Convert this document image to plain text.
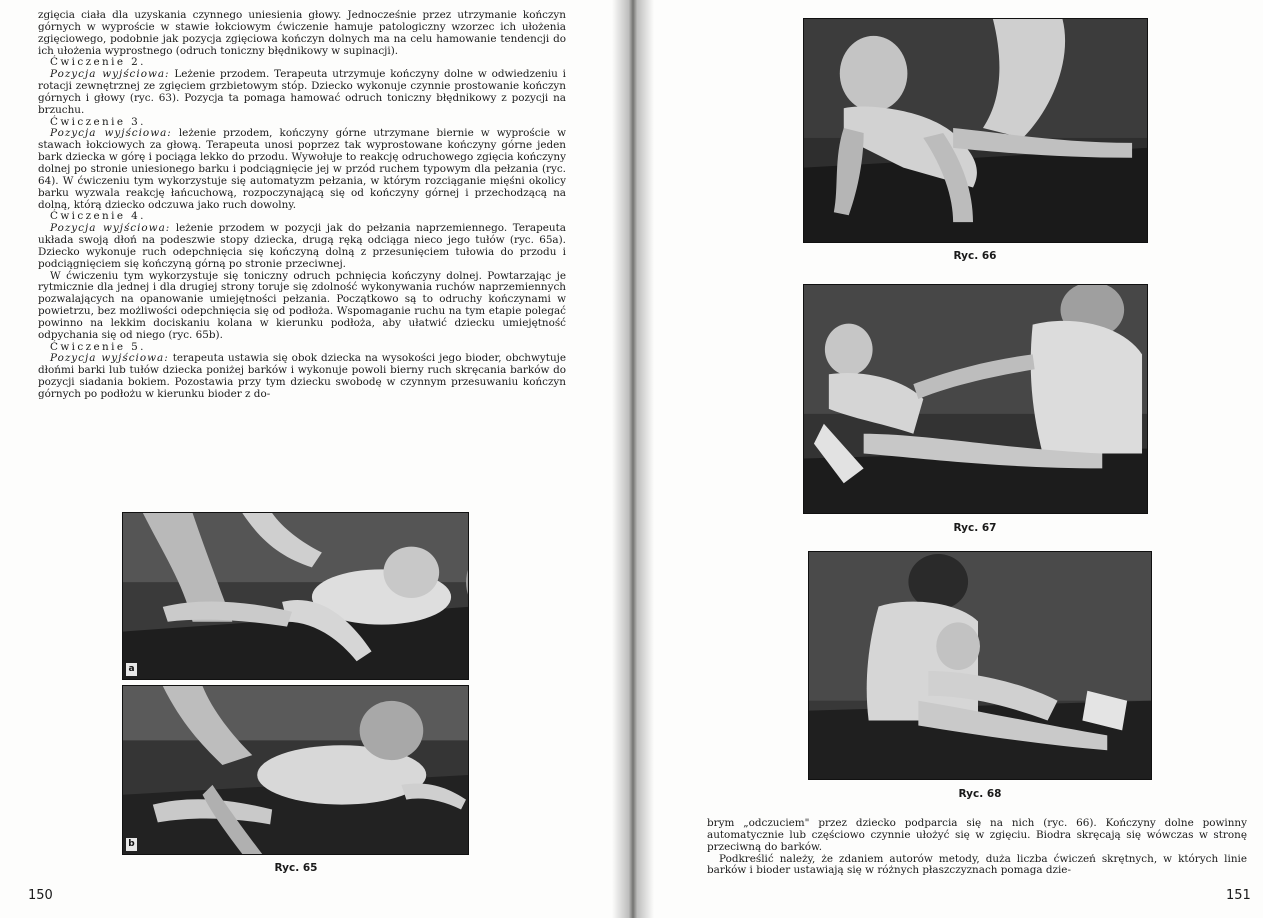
zgięcia ciała dla uzyskania czynnego uniesienia głowy. Jednocześnie przez utrzymanie kończyn górnych w wyproście w stawie łokciowym ćwiczenie hamuje patologiczny wzorzec ich ułożenia zgięciowego, podobnie jak pozycja zgięciowa kończyn dolnych ma na celu hamowanie tendencji do ich ułożenia wyprostnego (odruch toniczny błędnikowy w supinacji).

Ćwiczenie 2.

Pozycja wyjściowa: Leżenie przodem. Terapeuta utrzymuje kończyny dolne w odwiedzeniu i rotacji zewnętrznej ze zgięciem grzbietowym stóp. Dziecko wykonuje czynnie prostowanie kończyn górnych i głowy (ryc. 63). Pozycja ta pomaga hamować odruch toniczny błędnikowy z pozycji na brzuchu.

Ćwiczenie 3.

Pozycja wyjściowa: leżenie przodem, kończyny górne utrzymane biernie w wyproście w stawach łokciowych za głową. Terapeuta unosi poprzez tak wyprostowane kończyny górne jeden bark dziecka w górę i pociąga lekko do przodu. Wywołuje to reakcję odruchowego zgięcia kończyny dolnej po stronie uniesionego barku i podciągnięcie jej w przód ruchem typowym dla pełzania (ryc. 64). W ćwiczeniu tym wykorzystuje się automatyzm pełzania, w którym rozciąganie mięśni okolicy barku wyzwala reakcję łańcuchową, rozpoczynającą się od kończyny górnej i przechodzącą na dolną, którą dziecko odczuwa jako ruch dowolny.

Ćwiczenie 4.

Pozycja wyjściowa: leżenie przodem w pozycji jak do pełzania naprzemiennego. Terapeuta układa swoją dłoń na podeszwie stopy dziecka, drugą ręką odciąga nieco jego tułów (ryc. 65a). Dziecko wykonuje ruch odepchnięcia się kończyną dolną z przesunięciem tułowia do przodu i podciągnięciem się kończyną górną po stronie przeciwnej.

W ćwiczeniu tym wykorzystuje się toniczny odruch pchnięcia kończyny dolnej. Powtarzając je rytmicznie dla jednej i dla drugiej strony toruje się zdolność wykonywania ruchów naprzemiennych pozwalających na opanowanie umiejętności pełzania. Początkowo są to odruchy kończynami w powietrzu, bez możliwości odepchnięcia się od podłoża. Wspomaganie ruchu na tym etapie polegać powinno na lekkim dociskaniu kolana w kierunku podłoża, aby ułatwić dziecku umiejętność odpychania się od niego (ryc. 65b).

Ćwiczenie 5.

Pozycja wyjściowa: terapeuta ustawia się obok dziecka na wysokości jego bioder, obchwytuje dłońmi barki lub tułów dziecka poniżej barków i wykonuje powoli bierny ruch skręcania barków do pozycji siadania bokiem. Pozostawia przy tym dziecku swobodę w czynnym przesuwaniu kończyn górnych po podłożu w kierunku bioder z do-

a
b
Ryc. 65
150
Ryc. 66
Ryc. 67
Ryc. 68

brym „odczuciem" przez dziecko podparcia się na nich (ryc. 66). Kończyny dolne powinny automatycznie lub częściowo czynnie ułożyć się w zgięciu. Biodra skręcają się wówczas w stronę przeciwną do barków.

Podkreślić należy, że zdaniem autorów metody, duża liczba ćwiczeń skrętnych, w których linie barków i bioder ustawiają się w różnych płaszczyznach pomaga dzie-

151
